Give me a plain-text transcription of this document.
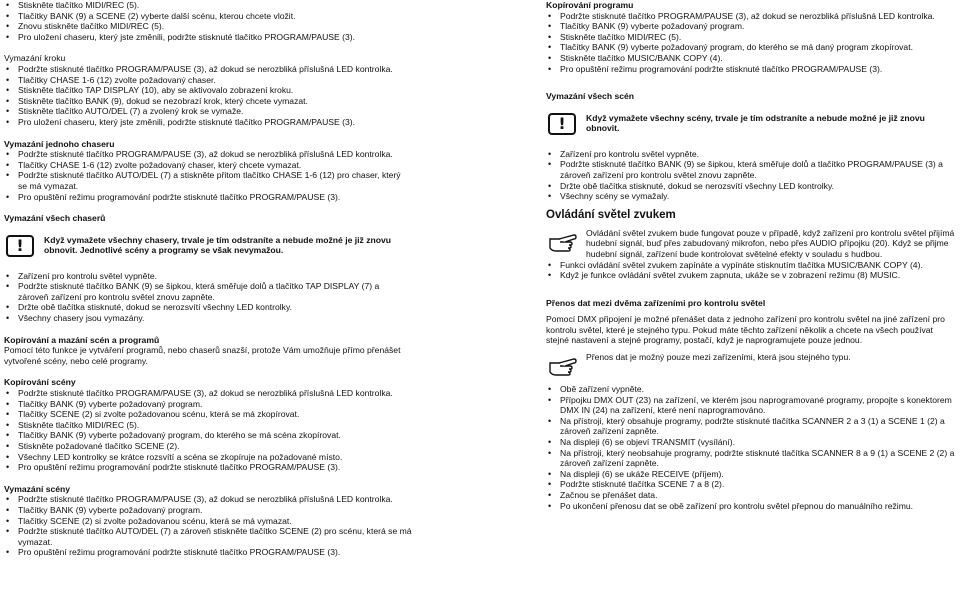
• Stiskněte tlačítko MIDI/REC (5).
• Tlačítky BANK (9) a SCENE (2) vyberte další scénu, kterou chcete vložit.
• Znovu stiskněte tlačítko MIDI/REC (5).
• Pro uložení chaseru, který jste změnili, podržte stisknuté tlačítko PROGRAM/PAUSE (3).

Vymazání kroku

• Podržte stisknuté tlačítko PROGRAM/PAUSE (3), až dokud se nerozbliká příslušná LED kontrolka.
• Tlačítky CHASE 1-6 (12) zvolte požadovaný chaser.
• Stiskněte tlačítko TAP DISPLAY (10), aby se aktivovalo zobrazení kroku.
• Stiskněte tlačítko BANK (9), dokud se nezobrazí krok, který chcete vymazat.
• Stiskněte tlačítko AUTO/DEL (7) a zvolený krok se vymaže.
• Pro uložení chaseru, který jste změnili, podržte stisknuté tlačítko PROGRAM/PAUSE (3).

Vymazání jednoho chaseru

• Podržte stisknuté tlačítko PROGRAM/PAUSE (3), až dokud se nerozbliká příslušná LED kontrolka.
• Tlačítky CHASE 1-6 (12) zvolte požadovaný chaser, který chcete vymazat.
• Podržte stisknuté tlačítko AUTO/DEL (7) a stiskněte přitom tlačítko CHASE 1-6 (12) pro chaser, který se má vymazat.
• Pro opuštění režimu programování podržte stisknuté tlačítko PROGRAM/PAUSE (3).

Vymazání všech chaserů

!	Když vymažete všechny chasery, trvale je tím odstraníte a nebude možné je již znovu obnovit. Jednotlivé scény a programy se však nevymažou.
• Zařízení pro kontrolu světel vypněte.
• Podržte stisknuté tlačítko BANK (9) se šipkou, která směřuje dolů a tlačítko TAP DISPLAY (7) a zároveň zařízení pro kontrolu světel znovu zapněte.
• Držte obě tlačítka stisknuté, dokud se nerozsvítí všechny LED kontrolky.
• Všechny chasery jsou vymazány.

Kopírování a mazání scén a programů

Pomocí této funkce je vytváření programů, nebo chaserů snazší, protože Vám umožňuje přímo přenášet vytvořené scény, nebo celé programy.

Kopírování scény

• Podržte stisknuté tlačítko PROGRAM/PAUSE (3), až dokud se nerozbliká příslušná LED kontrolka.
• Tlačítky BANK (9) vyberte požadovaný program.
• Tlačítky SCENE (2) si zvolte požadovanou scénu, která se má zkopírovat.
• Stiskněte tlačítko MIDI/REC (5).
• Tlačítky BANK (9) vyberte požadovaný program, do kterého se má scéna zkopírovat.
• Stiskněte požadované tlačítko SCENE (2).
• Všechny LED kontrolky se krátce rozsvítí a scéna se zkopíruje na požadované místo.
• Pro opuštění režimu programování podržte stisknuté tlačítko PROGRAM/PAUSE (3).

Vymazání scény

• Podržte stisknuté tlačítko PROGRAM/PAUSE (3), až dokud se nerozbliká příslušná LED kontrolka.
• Tlačítky BANK (9) vyberte požadovaný program.
• Tlačítky SCENE (2) si zvolte požadovanou scénu, která se má vymazat.
• Podržte stisknuté tlačítko AUTO/DEL (7) a zároveň stiskněte tlačítko SCENE (2) pro scénu, která se má vymazat.
• Pro opuštění režimu programování podržte stisknuté tlačítko PROGRAM/PAUSE (3).

Kopírování programu

• Podržte stisknuté tlačítko PROGRAM/PAUSE (3), až dokud se nerozbliká příslušná LED kontrolka.
• Tlačítky BANK (9) vyberte požadovaný program.
• Stiskněte tlačítko MIDI/REC (5).
• Tlačítky BANK (9) vyberte požadovaný program, do kterého se má daný program zkopírovat.
• Stiskněte tlačítko MUSIC/BANK COPY (4).
• Pro opuštění režimu programování podržte stisknuté tlačítko PROGRAM/PAUSE (3).

Vymazání všech scén

!	Když vymažete všechny scény, trvale je tím odstraníte a nebude možné je již znovu obnovit.
• Zařízení pro kontrolu světel vypněte.
• Podržte stisknuté tlačítko BANK (9) se šipkou, která směřuje dolů a tlačítko PROGRAM/PAUSE (3) a zároveň zařízení pro kontrolu světel znovu zapněte.
• Držte obě tlačítka stisknuté, dokud se nerozsvítí všechny LED kontrolky.
• Všechny scény se vymažaly.

Ovládání světel zvukem

Ovládání světel zvukem bude fungovat pouze v případě, když zařízení pro kontrolu světel přijímá hudební signál, buď přes zabudovaný mikrofon, nebo přes AUDIO přípojku (20). Když se přijme hudební signál, zařízení bude kontrolovat světelné efekty v souladu s hudbou.
• Funkci ovládání světel zvukem zapínáte a vypínáte stisknutím tlačítka MUSIC/BANK COPY (4).
• Když je funkce ovládání světel zvukem zapnuta, ukáže se v zobrazení režimu (8) MUSIC.

Přenos dat mezi dvěma zařízeními pro kontrolu světel

Pomocí DMX připojení je možné přenášet data z jednoho zařízení pro kontrolu světel na jiné zařízení pro kontrolu světel, které je stejného typu. Pokud máte těchto zařízení několik a chcete na všech používat stejné nastavení a stejné programy, postačí, když je naprogramujete pouze jednou.

Přenos dat je možný pouze mezi zařízeními, která jsou stejného typu.
• Obě zařízení vypněte.
• Přípojku DMX OUT (23) na zařízení, ve kterém jsou naprogramované programy, propojte s konektorem DMX IN (24) na zařízení, které není naprogramováno.
• Na přístroji, který obsahuje programy, podržte stisknuté tlačítka SCANNER 2 a 3 (1) a SCENE 1 (2) a zároveň zařízení zapněte.
• Na displeji (6) se objeví TRANSMIT (vysílání).
• Na přístroji, který neobsahuje programy, podržte stisknuté tlačítka SCANNER 8 a 9 (1) a SCENE 2 (2) a zároveň zařízení zapněte.
• Na displeji (6) se ukáže RECEIVE (příjem).
• Podržte stisknuté tlačítka SCENE 7 a 8 (2).
• Začnou se přenášet data.
• Po ukončení přenosu dat se obě zařízení pro kontrolu světel přepnou do manuálního režimu.
